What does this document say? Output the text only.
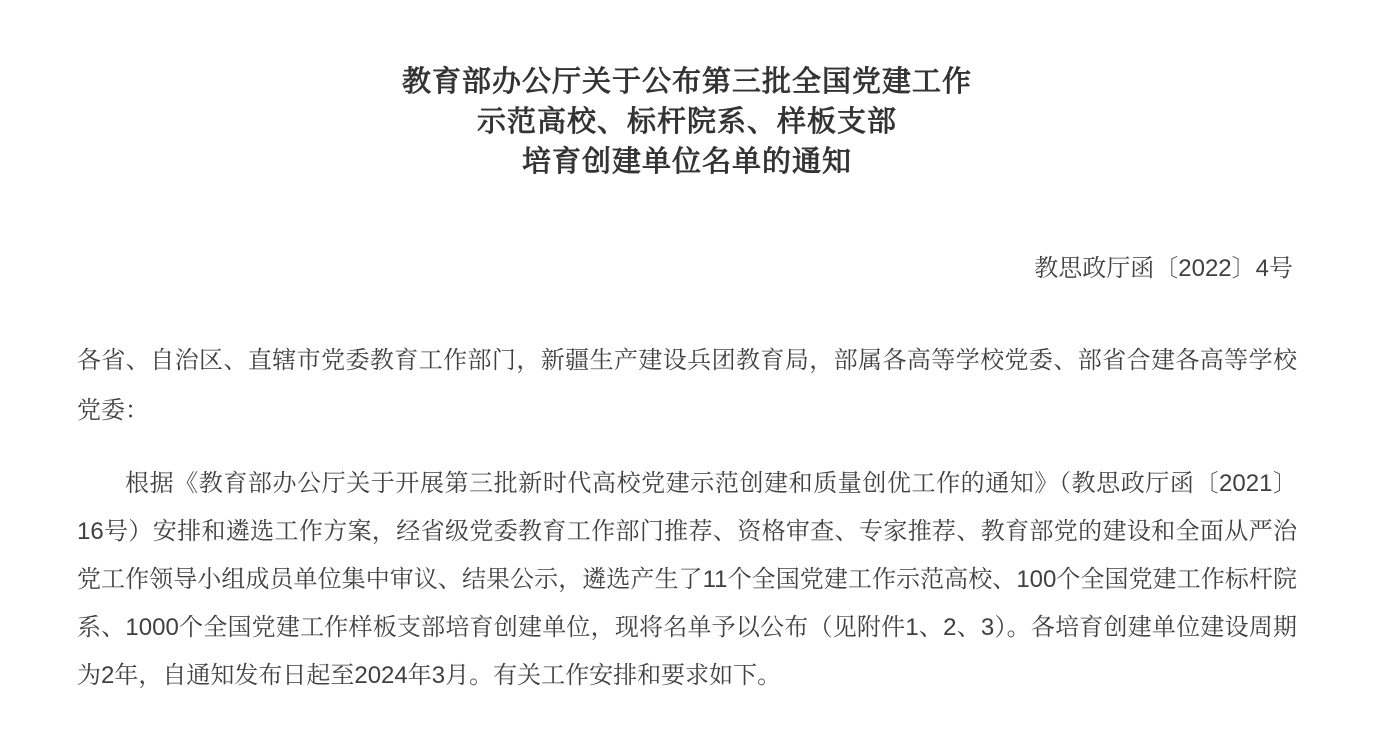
教育部办公厅关于公布第三批全国党建工作
示范高校、标杆院系、样板支部
培育创建单位名单的通知
教思政厅函〔2022〕4号

各省、自治区、直辖市党委教育工作部门，新疆生产建设兵团教育局，部属各高等学校党委、部省合建各高等学校党委：

根据《教育部办公厅关于开展第三批新时代高校党建示范创建和质量创优工作的通知》（教思政厅函〔2021〕16号）安排和遴选工作方案，经省级党委教育工作部门推荐、资格审查、专家推荐、教育部党的建设和全面从严治党工作领导小组成员单位集中审议、结果公示，遴选产生了11个全国党建工作示范高校、100个全国党建工作标杆院系、1000个全国党建工作样板支部培育创建单位，现将名单予以公布（见附件1、2、3）。各培育创建单位建设周期为2年，自通知发布日起至2024年3月。有关工作安排和要求如下。
